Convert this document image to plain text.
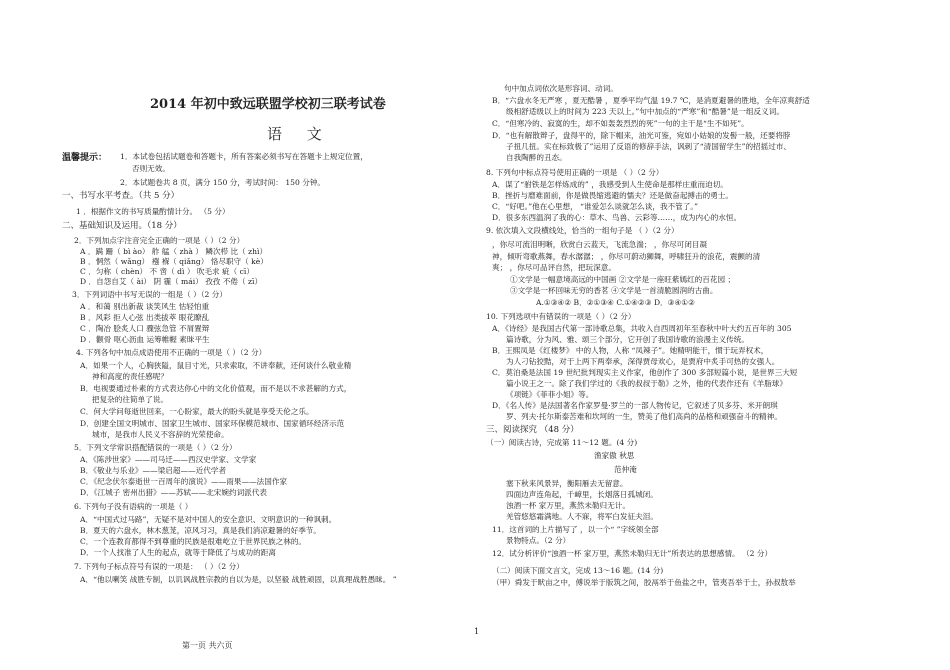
2014 年初中致远联盟学校初三联考试卷
语 文
温馨提示： 1．本试卷包括试题卷和答题卡，所有答案必须书写在答题卡上规定位置，
否则无效。
2．本试题卷共 8 页，满分 150 分，考试时间： 150 分钟。
一、书写水平考查。（共 5 分）
1 ．根据作文的书写质量酌情计分。 （5 分）
二、基础知识及运用。（18 分）
2．下列加点字注音完全正确的一项是（ ）（2 分）
A ．蹒 跚（ bì ào） 舴 艋（ zhà ） 鳞次栉 比（ zhì）
B ．惘然（ wǎng） 襁 褓（ qiǎng） 恪尽职守（ kè）
C ．匀称（ chèn） 不 啻（ dì ） 吹毛求 疵（ cī）
D ．自怨自艾（ ài） 阴 霾（ mái） 孜孜 不倦（ zī）
3．下列词语中书写无误的一组是（ ）（2 分）
A ．和蔼 别出新裁 谈笑风生 怙轻怕重
B ．风彩 拒人心弦 出类拔萃 眼花瞭乱
C ．陶冶 脍炙人口 骤弦急管 不屑置辩
D ．颧骨 呕心沥血 运筹帷幄 素昧平生
4. 下列各句中加点成语使用不正确的一项是（ ）（2 分）
A．如果一个人，心胸狭隘，鼠目寸光，只求索取，不讲奉献，还何谈什么敬业精
神和高度的责任感呢？
B．电视要通过朴素的方式表达你心中的文化价值观，而不是以不求甚解的方式，
把复杂的往简单了说。
C．何大学问每逝世回来，一心盼家，最大的盼头就是享受天伦之乐。
D．创建全国文明城市、国家卫生城市、国家环保模范城市、国家循环经济示范
城市，是我市人民义不容辞的光荣使命。
5．下列文学常识搭配错误的一项是（ ）（2 分）
A．《陈涉世家》——司马迁——西汉史学家、文学家
B．《敬业与乐业》——梁启超——近代学者
C．《纪念伏尔泰逝世一百周年的演说》——雨果——法国作家
D．《江城子 密州出猎》——苏轼——北宋婉约词派代表
6. 下列句子没有语病的一项是（ ）
A．“中国式过马路”，无疑不是对中国人的安全意识、文明意识的一种讽刺。
B．夏天的六盘水，林木葱茏，凉风习习，真是我们消凉避暑的好季节。
C．一个连教育都得不到尊重的民族是很难屹立于世界民族之林的。
D．一个人找准了人生的起点，就等于降低了与成功的距离
7. 下列句子标点符号有误的一项是： （ ）（2 分）
A．“他以喇笑 战胜专制，以讥讽战胜宗教的自以为是，以坚毅 战胜顽固，以真理战胜愚昧。 ”
第一页 共六页
句中加点词依次是形容词、动词。
B．“六盘水冬无严寒 ，夏无酷暑 ，夏季平均气温 19.7 ℃，是消夏避暑的胜地，全年凉爽舒适
级相舒适级以上的时间为 223 天以上。”句中加点的“严寒”和“酷暑”是一组反义词。
C．“但寒冷的、寂寞的生，却不如轰轰烈烈的死”一句的主干是“生不如死”。
D．“也有解散辫子，盘得平的，除下帽来，油光可鉴，宛如小姑娘的发髻一般，还要将脖
子扭几扭。实在标致极了”运用了反语的修辞手法，讽刺了“清国留学生”的招摇过市、
自我陶醉的丑态。
8. 下列句中标点符号使用正确的一项是 （ ）（2 分）
A．谋了“驸铁是怎样炼成的” ，我感受到人生使命是那样庄重而迫切。
B．挫折与磨难面前，你是做畏缩逃避的懦夫？还是做奋起搏击的勇士。
C．“好吧。”他在心里想， “谁爱怎么谈就怎么谈，我不管了。”
D．很多东西温润了我的心：草木、鸟兽、云彩等……，成为内心的水恒。
9. 依次填入文段横线处，恰当的一组句子是 （ ）（2 分）
，你尽可流泪明晰，欣赏白云蓝天，飞流急湍； ，你尽可闭目凝
神，倾听弯歌燕舞，春水潺潺； ，你尽可蔚动狮舞，呼啸狂升的浪花，震颤的清
爽； ，你尽可品评自然，把玩深意。
①文学是一幅意境高远的中国画 ②文学是一座旺紫嫣红的百花园 ；
③文学是一杯回味无穷的香茗 ④文学是一首清脆圆润的古曲。
A.①③④② B．②①③④ C.①④②③ D．③④①②
10. 下列选项中有错误的一项是（ ）（2 分）
A．《诗经》是我国古代第一部诗歌总集，共收入自西周初年至春秋中叶大约五百年的 305
篇诗歌，分为风、雅、颂三个部分，它开创了我国诗歌的浪漫主义传统。
B．王熙凤是《红楼梦》 中的人物，人称 “凤辣子”。她精明能干，惯于玩弄权术，
为人刁钻狡黠，对于上两下两奉承，深得贾母欢心，是贾府中炙手可热的女强人。
C．莫泊桑是法国 19 世纪批判现实主义作家，他创作了 300 多部短篇小说，是世界三大短
篇小说王之一。除了我们学过的《我的叔叔于勒》之外，他的代表作还有《羊脂球》
《项链》《菲菲小姐》等。
D．《名人传》是法国著名作家罗曼·罗兰的一部人物传记，它叙述了贝多芬、米开朗琪
罗、列夫·托尔斯泰苦难和坎坷的一生，赞美了他们高尚的品格和顽强奋斗的精神。
三、阅读探究 （48 分）
（一）阅读古诗，完成第 11～12 题。(4 分)
渔家傲 秋思
范仲淹
塞下秋来风景异，衡阳雁去无留意。
四面边声连角起，千嶂里，长烟落日孤城闭。
浊酒一杯 家万里，燕然未勒归无计。
羌管悠悠霜满地。人不寐，将军白发征夫泪。
11．这首词的上片描写了 ，以一个“ ”字统领全部
景物特点。（2 分）
12．试分析评价“浊酒一杯 家万里，燕然未勒归无计”所表达的思想感情。 （2 分）
（二）阅读下面文言文，完成 13～16 题。(14 分)
（甲）舜发于畎亩之中，傅说举于版筑之间，胶鬲举于鱼盐之中，管夷吾举于士，孙叔敖举
1
